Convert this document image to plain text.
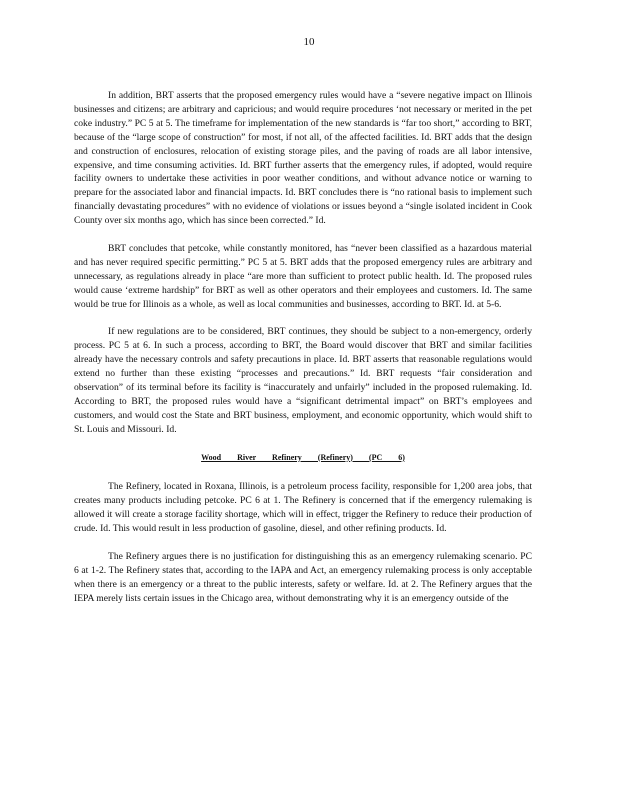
10

In addition, BRT asserts that the proposed emergency rules would have a “severe negative impact on Illinois businesses and citizens; are arbitrary and capricious; and would require procedures ‘not necessary or merited in the pet coke industry.” PC 5 at 5. The timeframe for implementation of the new standards is “far too short,” according to BRT, because of the “large scope of construction” for most, if not all, of the affected facilities. Id. BRT adds that the design and construction of enclosures, relocation of existing storage piles, and the paving of roads are all labor intensive, expensive, and time consuming activities. Id. BRT further asserts that the emergency rules, if adopted, would require facility owners to undertake these activities in poor weather conditions, and without advance notice or warning to prepare for the associated labor and financial impacts. Id. BRT concludes there is “no rational basis to implement such financially devastating procedures” with no evidence of violations or issues beyond a “single isolated incident in Cook County over six months ago, which has since been corrected.” Id.

BRT concludes that petcoke, while constantly monitored, has “never been classified as a hazardous material and has never required specific permitting.” PC 5 at 5. BRT adds that the proposed emergency rules are arbitrary and unnecessary, as regulations already in place “are more than sufficient to protect public health. Id. The proposed rules would cause ‘extreme hardship” for BRT as well as other operators and their employees and customers. Id. The same would be true for Illinois as a whole, as well as local communities and businesses, according to BRT. Id. at 5-6.

If new regulations are to be considered, BRT continues, they should be subject to a non-emergency, orderly process. PC 5 at 6. In such a process, according to BRT, the Board would discover that BRT and similar facilities already have the necessary controls and safety precautions in place. Id. BRT asserts that reasonable regulations would extend no further than these existing “processes and precautions.” Id. BRT requests “fair consideration and observation” of its terminal before its facility is “inaccurately and unfairly” included in the proposed rulemaking. Id. According to BRT, the proposed rules would have a “significant detrimental impact” on BRT’s employees and customers, and would cost the State and BRT business, employment, and economic opportunity, which would shift to St. Louis and Missouri. Id.

Wood River Refinery (Refinery) (PC 6)

The Refinery, located in Roxana, Illinois, is a petroleum process facility, responsible for 1,200 area jobs, that creates many products including petcoke. PC 6 at 1. The Refinery is concerned that if the emergency rulemaking is allowed it will create a storage facility shortage, which will in effect, trigger the Refinery to reduce their production of crude. Id. This would result in less production of gasoline, diesel, and other refining products. Id.

The Refinery argues there is no justification for distinguishing this as an emergency rulemaking scenario. PC 6 at 1-2. The Refinery states that, according to the IAPA and Act, an emergency rulemaking process is only acceptable when there is an emergency or a threat to the public interests, safety or welfare. Id. at 2. The Refinery argues that the IEPA merely lists certain issues in the Chicago area, without demonstrating why it is an emergency outside of the
